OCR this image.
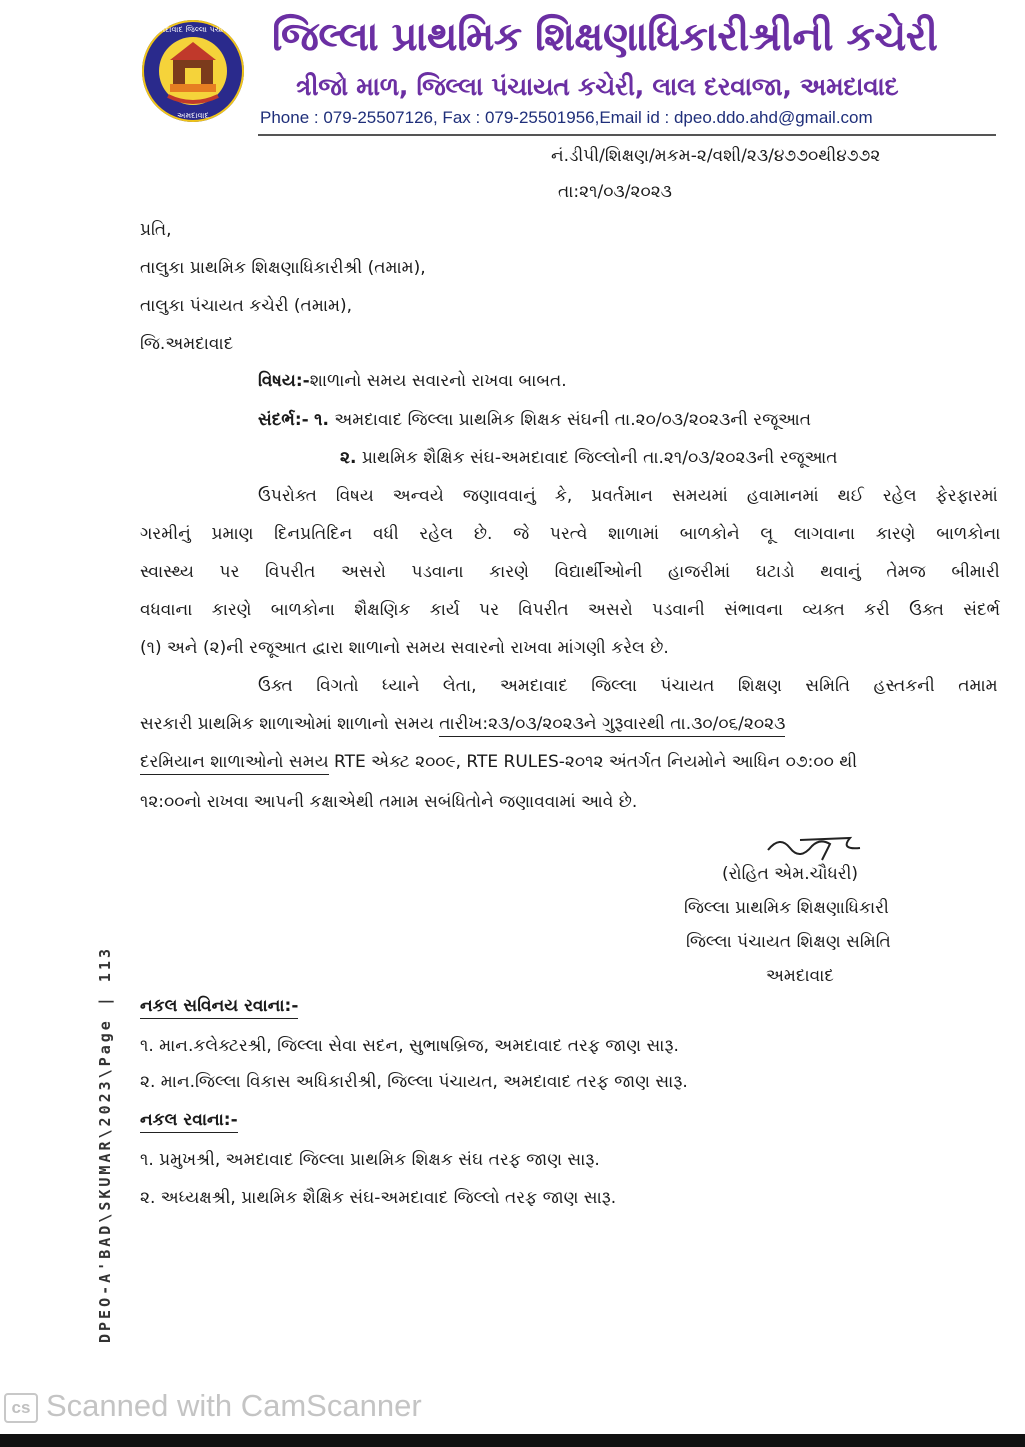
અમદાવાદ જિલ્લા પંચાયત
અમદાવાદ
જિલ્લા પ્રાથમિક શિક્ષણાધિકારીશ્રીની કચેરી
ત્રીજો માળ, જિલ્લા પંચાયત કચેરી, લાલ દરવાજા, અમદાવાદ
Phone : 079-25507126, Fax : 079-25501956,Email id : dpeo.ddo.ahd@gmail.com
નં.ડીપી/શિક્ષણ/મકમ-૨/વશી/૨૩/૪૭૭૦થી૪૭૭૨
તા:૨૧/૦૩/૨૦૨૩
પ્રતિ,
તાલુકા પ્રાથમિક શિક્ષણાધિકારીશ્રી (તમામ),
તાલુકા પંચાયત કચેરી (તમામ),
જિ.અમદાવાદ
વિષય:-શાળાનો સમય સવારનો રાખવા બાબત.
સંદર્ભ:- ૧. અમદાવાદ જિલ્લા પ્રાથમિક શિક્ષક સંઘની તા.૨૦/૦૩/૨૦૨૩ની રજૂઆત
૨. પ્રાથમિક શૈક્ષિક સંઘ-અમદાવાદ જિલ્લોની તા.૨૧/૦૩/૨૦૨૩ની રજૂઆત
ઉપરોક્ત વિષય અન્વયે જણાવવાનું કે, પ્રવર્તમાન સમયમાં હવામાનમાં થઈ રહેલ ફેરફારમાં
ગરમીનું પ્રમાણ દિનપ્રતિદિન વધી રહેલ છે. જે પરત્વે શાળામાં બાળકોને લૂ લાગવાના કારણે બાળકોના
સ્વાસ્થ્ય પર વિપરીત અસરો પડવાના કારણે વિદ્યાર્થીઓની હાજરીમાં ઘટાડો થવાનું તેમજ બીમારી
વધવાના કારણે બાળકોના શૈક્ષણિક કાર્ય પર વિપરીત અસરો પડવાની સંભાવના વ્યક્ત કરી ઉક્ત સંદર્ભ
(૧) અને (૨)ની રજૂઆત દ્વારા શાળાનો સમય સવારનો રાખવા માંગણી કરેલ છે.
ઉક્ત વિગતો ધ્યાને લેતા, અમદાવાદ જિલ્લા પંચાયત શિક્ષણ સમિતિ હસ્તકની તમામ
સરકારી પ્રાથમિક શાળાઓમાં શાળાનો સમય તારીખ:૨૩/૦૩/૨૦૨૩ને ગુરૂવારથી તા.૩૦/૦૬/૨૦૨૩
દરમિયાન શાળાઓનો સમય RTE એક્ટ ૨૦૦૯, RTE RULES-૨૦૧૨ અંતર્ગત નિયમોને આધિન ૦૭:૦૦ થી
૧૨:૦૦નો રાખવા આપની કક્ષાએથી તમામ સબંધિતોને જણાવવામાં આવે છે.
(રોહિત એમ.ચૌધરી)
જિલ્લા પ્રાથમિક શિક્ષણાધિકારી
જિલ્લા પંચાયત શિક્ષણ સમિતિ
અમદાવાદ
નકલ સવિનય રવાના:-
૧. માન.કલેક્ટરશ્રી, જિલ્લા સેવા સદન, સુભાષબ્રિજ, અમદાવાદ તરફ જાણ સારૂ.
૨. માન.જિલ્લા વિકાસ અધિકારીશ્રી, જિલ્લા પંચાયત, અમદાવાદ તરફ જાણ સારૂ.
નકલ રવાના:-
૧. પ્રમુખશ્રી, અમદાવાદ જિલ્લા પ્રાથમિક શિક્ષક સંઘ તરફ જાણ સારૂ.
૨. અધ્યક્ષશ્રી, પ્રાથમિક શૈક્ષિક સંઘ-અમદાવાદ જિલ્લો તરફ જાણ સારૂ.
DPEO-A'BAD\SKUMAR\2023\Page | 113
cs Scanned with CamScanner
